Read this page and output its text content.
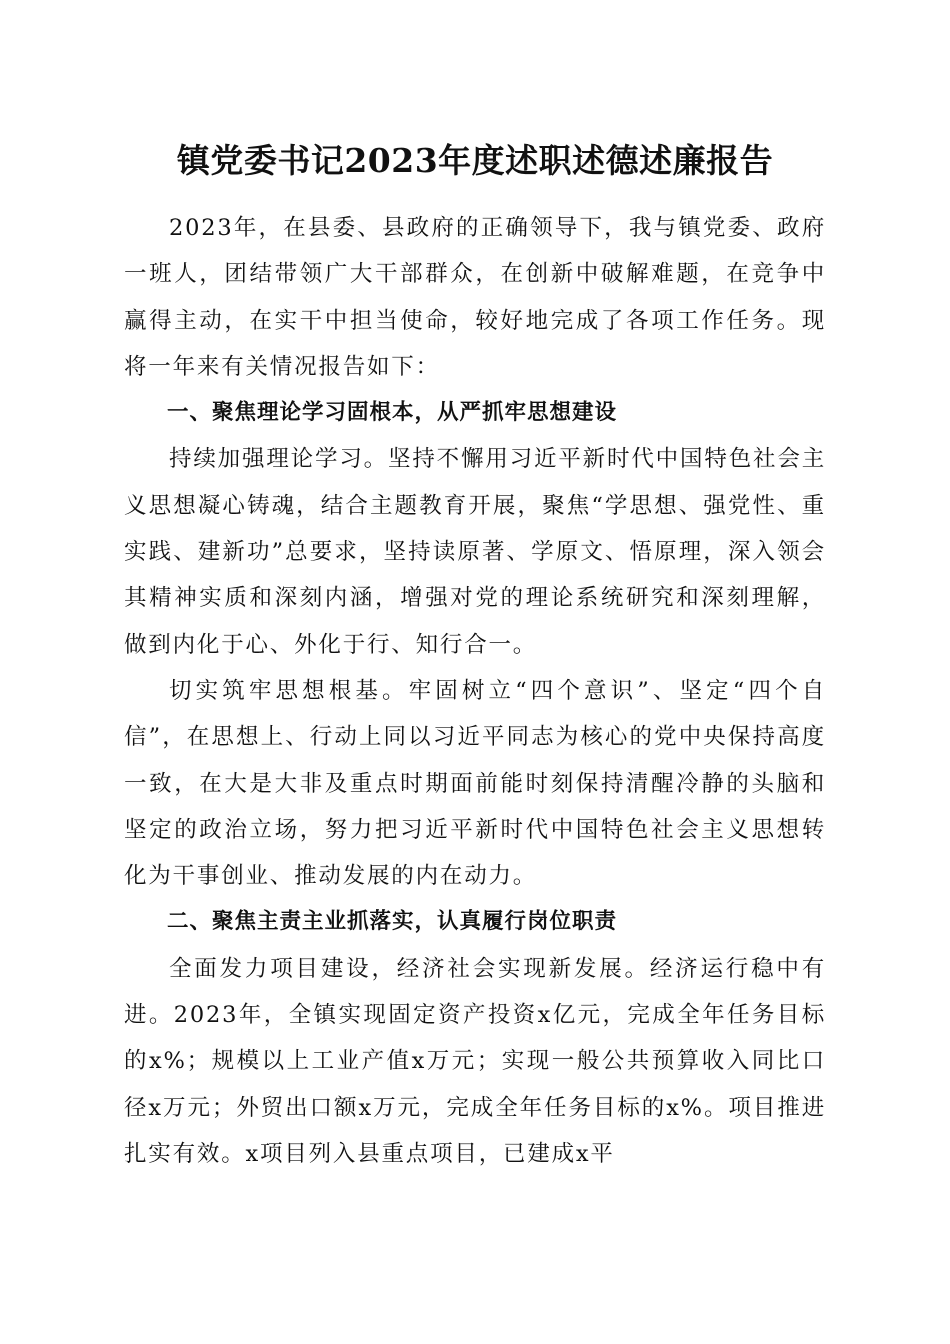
镇党委书记2023年度述职述德述廉报告

2023年，在县委、县政府的正确领导下，我与镇党委、政府一班人，团结带领广大干部群众，在创新中破解难题，在竞争中赢得主动，在实干中担当使命，较好地完成了各项工作任务。现将一年来有关情况报告如下：

一、聚焦理论学习固根本，从严抓牢思想建设

持续加强理论学习。坚持不懈用习近平新时代中国特色社会主义思想凝心铸魂，结合主题教育开展，聚焦“学思想、强党性、重实践、建新功”总要求，坚持读原著、学原文、悟原理，深入领会其精神实质和深刻内涵，增强对党的理论系统研究和深刻理解，做到内化于心、外化于行、知行合一。

切实筑牢思想根基。牢固树立“四个意识”、坚定“四个自信”，在思想上、行动上同以习近平同志为核心的党中央保持高度一致，在大是大非及重点时期面前能时刻保持清醒冷静的头脑和坚定的政治立场，努力把习近平新时代中国特色社会主义思想转化为干事创业、推动发展的内在动力。

二、聚焦主责主业抓落实，认真履行岗位职责

全面发力项目建设，经济社会实现新发展。经济运行稳中有进。2023年，全镇实现固定资产投资x亿元，完成全年任务目标的x%；规模以上工业产值x万元；实现一般公共预算收入同比口径x万元；外贸出口额x万元，完成全年任务目标的x%。项目推进扎实有效。x项目列入县重点项目，已建成x平
